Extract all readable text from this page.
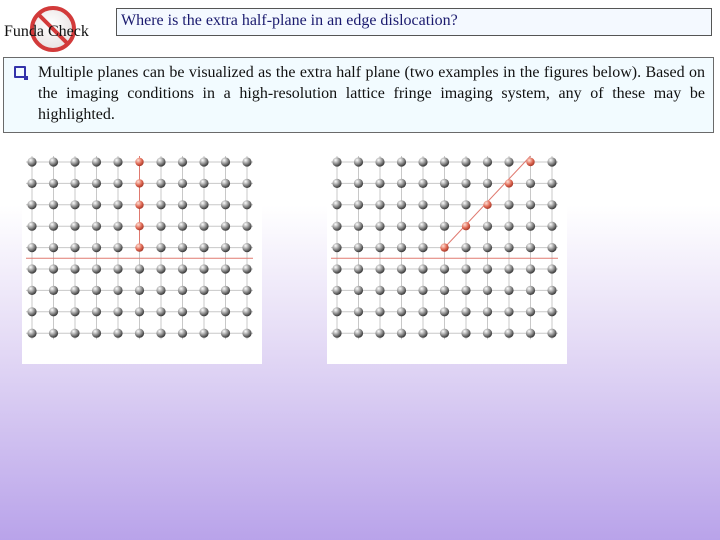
Funda Check
Where is the extra half-plane in an edge dislocation?
Multiple planes can be visualized as the extra half plane (two examples in the figures below). Based on the imaging conditions in a high-resolution lattice fringe imaging system, any of these may be highlighted.
